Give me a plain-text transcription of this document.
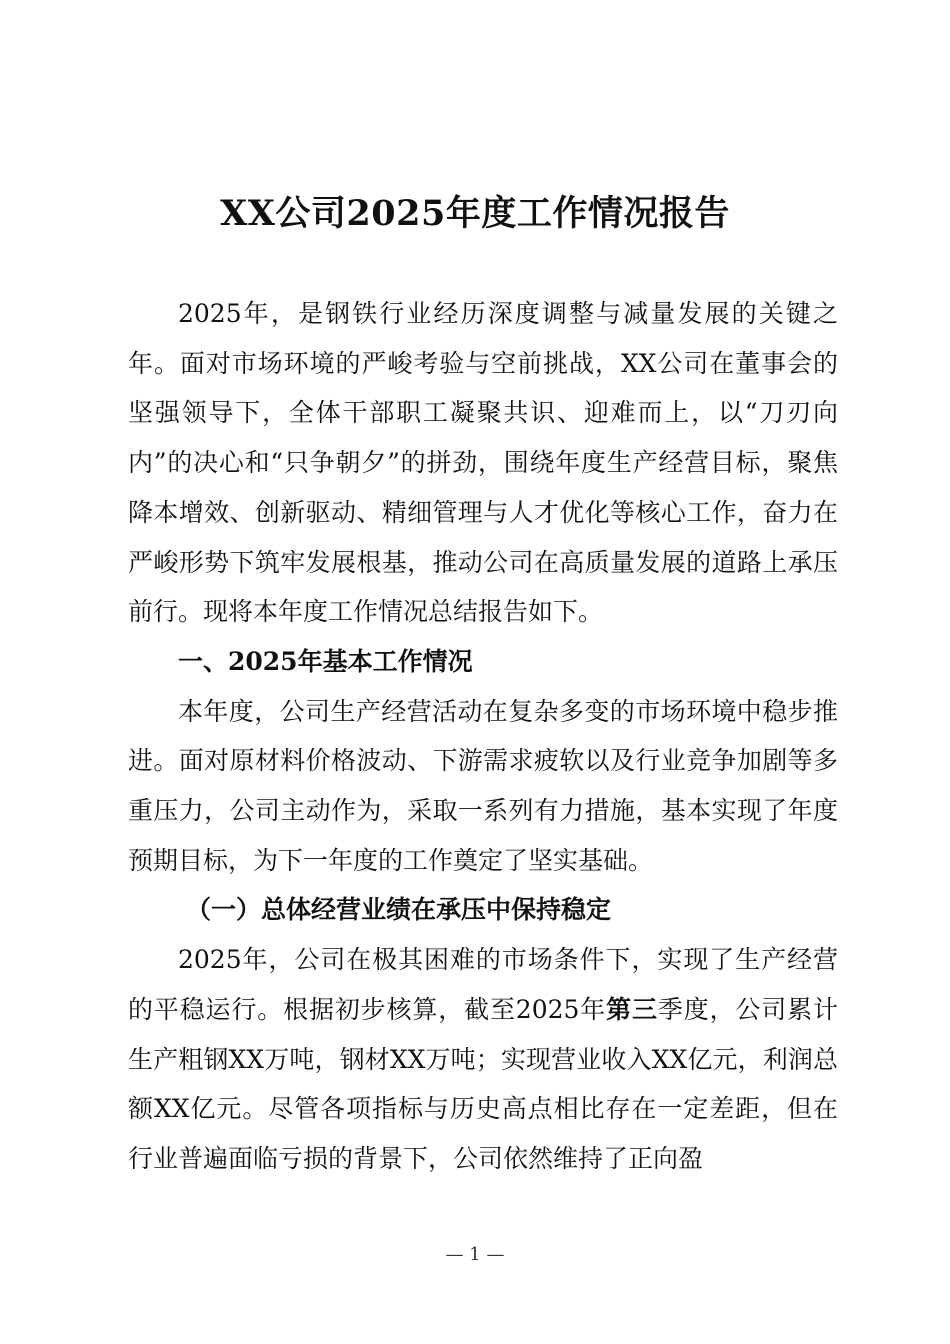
XX公司2025年度工作情况报告

2025年，是钢铁行业经历深度调整与减量发展的关键之年。面对市场环境的严峻考验与空前挑战，XX公司在董事会的坚强领导下，全体干部职工凝聚共识、迎难而上，以“刀刃向内”的决心和“只争朝夕”的拼劲，围绕年度生产经营目标，聚焦降本增效、创新驱动、精细管理与人才优化等核心工作，奋力在严峻形势下筑牢发展根基，推动公司在高质量发展的道路上承压前行。现将本年度工作情况总结报告如下。

一、2025年基本工作情况

本年度，公司生产经营活动在复杂多变的市场环境中稳步推进。面对原材料价格波动、下游需求疲软以及行业竞争加剧等多重压力，公司主动作为，采取一系列有力措施，基本实现了年度预期目标，为下一年度的工作奠定了坚实基础。

（一）总体经营业绩在承压中保持稳定

2025年，公司在极其困难的市场条件下，实现了生产经营的平稳运行。根据初步核算，截至2025年第三季度，公司累计生产粗钢XX万吨，钢材XX万吨；实现营业收入XX亿元，利润总额XX亿元。尽管各项指标与历史高点相比存在一定差距，但在行业普遍面临亏损的背景下，公司依然维持了正向盈

— 1 —
